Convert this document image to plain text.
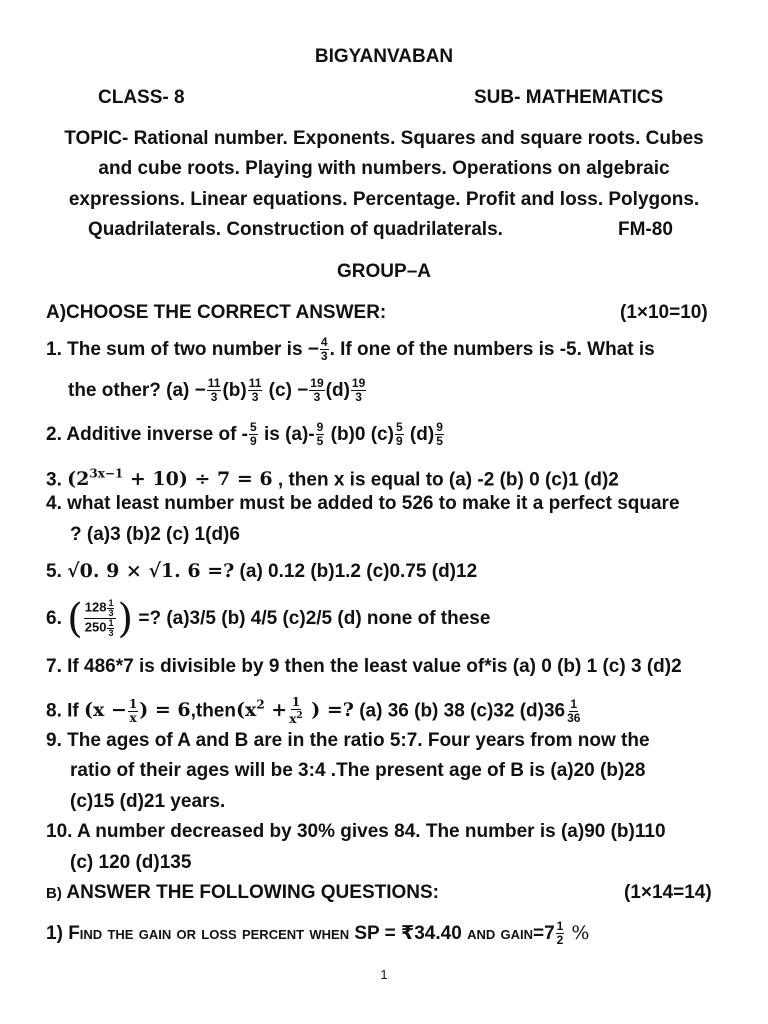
BIGYANVABAN
CLASS- 8	SUB- MATHEMATICS
TOPIC- Rational number. Exponents. Squares and square roots. Cubes
and cube roots. Playing with numbers. Operations on algebraic
expressions. Linear equations. Percentage. Profit and loss. Polygons.
Quadrilaterals. Construction of quadrilaterals.	FM-80
GROUP–A
A)CHOOSE THE CORRECT ANSWER:	(1×10=10)
1. The sum of two number is − $\frac{4}{3}$ . If one of the numbers is -5. What is
the other? $(a) - \frac{11}{3} (b) \frac{11}{3} (c) - \frac{19}{3} (d) \frac{19}{3}$
2. Additive inverse of - $\frac{5}{9}$ is $(a)- \frac{9}{5} (b)0$ $(c) \frac{5}{9} (d) \frac{9}{5}$
3. $(2^{3x-1} + 10) \div 7 = 6$ , then x is equal to (a) -2 (b) 0 (c)1 (d)2
4. what least number must be added to 526 to make it a perfect square
? (a)3 (b)2 (c) 1(d)6
5. √0. 9 × √1. 6 =? (a) 0.12 (b)1.2 (c)0.75 (d)12
6. ( $\frac{128 \frac{1}{3}}{250 \frac{1}{3}}$ ) =? (a)3/5 (b) 4/5 (c)2/5 (d) none of these
7. If 486*7 is divisible by 9 then the least value of*is (a) 0 (b) 1 (c) 3 (d)2
8. If ($x - \frac{1}{x}$ ) = $6,then(x^2 + \frac{1}{x^2}$ ) =? (a) 36 (b) 38 (c)32 $(d)36 \frac{1}{36}$
9. The ages of A and B are in the ratio 5:7. Four years from now the
ratio of their ages will be 3:4 .The present age of B is (a)20 (b)28
(c)15 (d)21 years.
10. A number decreased by 30% gives 84. The number is (a)90 (b)110
(c) 120 (d)135
B) ANSWER THE FOLLOWING QUESTIONS:	(1×14=14)
1) Find the gain or loss percent when SP = ₹34.40 and gain=7 $\frac{1}{2}$ %
1
